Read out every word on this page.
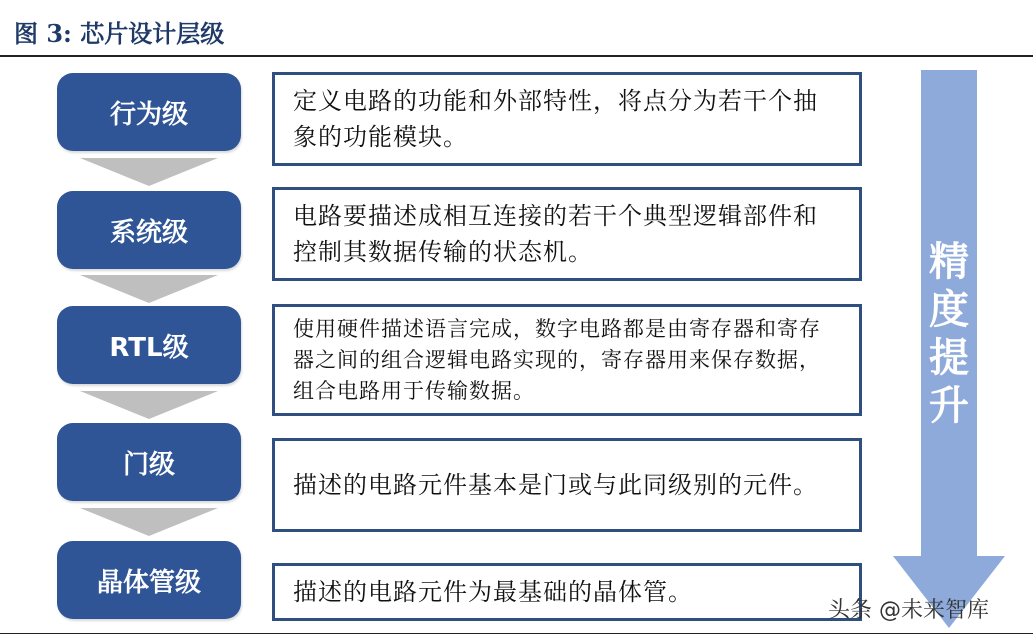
图 3: 芯片设计层级
行为级
系统级
RTL级
门级
晶体管级
定义电路的功能和外部特性，将点分为若干个抽象的功能模块。
电路要描述成相互连接的若干个典型逻辑部件和控制其数据传输的状态机。
使用硬件描述语言完成，数字电路都是由寄存器和寄存器之间的组合逻辑电路实现的，寄存器用来保存数据，组合电路用于传输数据。
描述的电路元件基本是门或与此同级别的元件。
描述的电路元件为最基础的晶体管。
精
度
提
升
头条 @未来智库
